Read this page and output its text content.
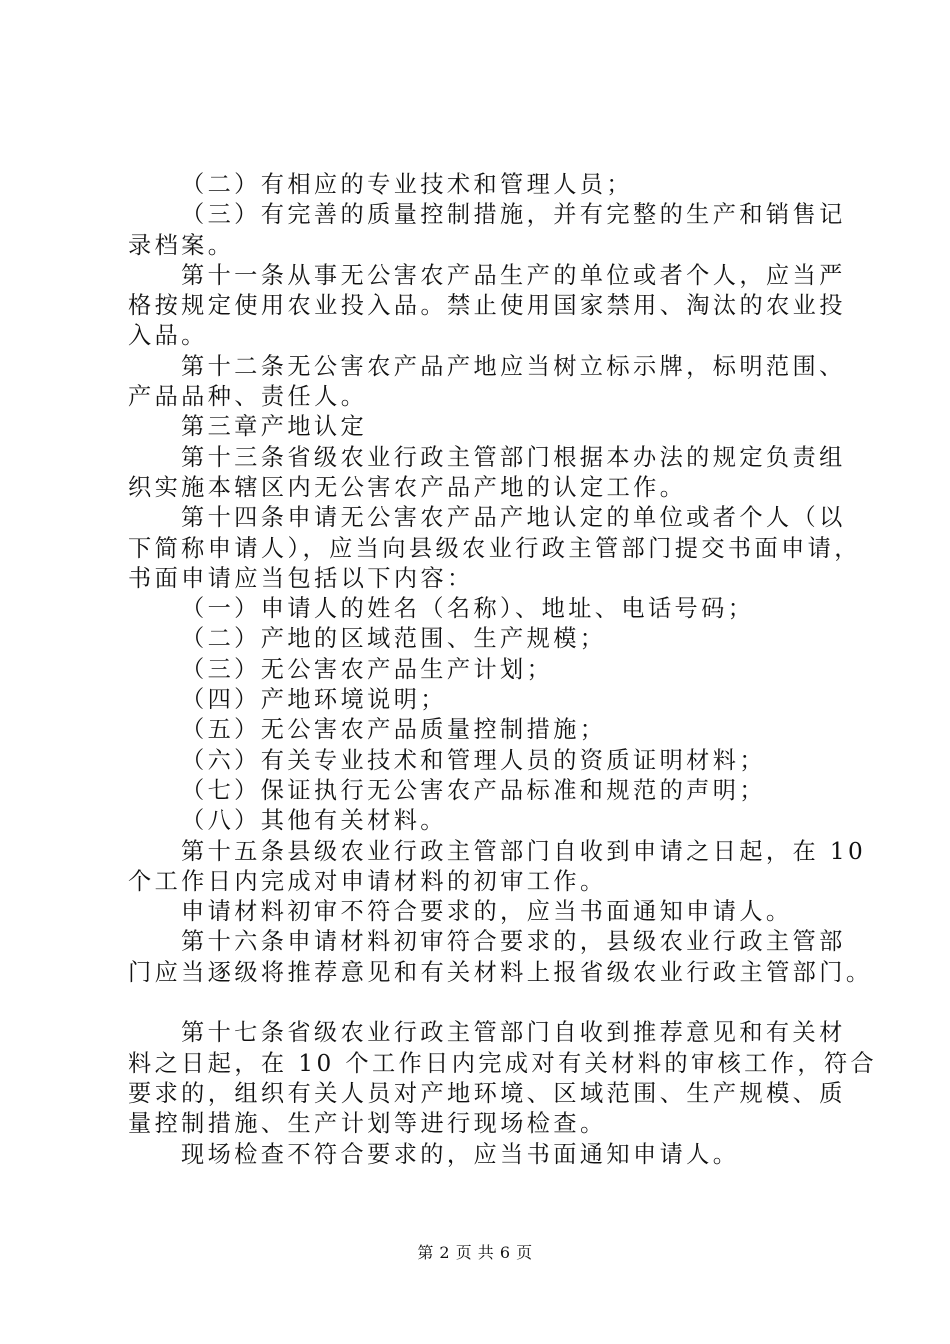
（二）有相应的专业技术和管理人员；
（三）有完善的质量控制措施，并有完整的生产和销售记
录档案。
第十一条从事无公害农产品生产的单位或者个人，应当严
格按规定使用农业投入品。禁止使用国家禁用、淘汰的农业投
入品。
第十二条无公害农产品产地应当树立标示牌，标明范围、
产品品种、责任人。
第三章产地认定
第十三条省级农业行政主管部门根据本办法的规定负责组
织实施本辖区内无公害农产品产地的认定工作。
第十四条申请无公害农产品产地认定的单位或者个人（以
下简称申请人），应当向县级农业行政主管部门提交书面申请，
书面申请应当包括以下内容：
（一）申请人的姓名（名称）、地址、电话号码；
（二）产地的区域范围、生产规模；
（三）无公害农产品生产计划；
（四）产地环境说明；
（五）无公害农产品质量控制措施；
（六）有关专业技术和管理人员的资质证明材料；
（七）保证执行无公害农产品标准和规范的声明；
（八）其他有关材料。
第十五条县级农业行政主管部门自收到申请之日起，在 10
个工作日内完成对申请材料的初审工作。
申请材料初审不符合要求的，应当书面通知申请人。
第十六条申请材料初审符合要求的，县级农业行政主管部
门应当逐级将推荐意见和有关材料上报省级农业行政主管部门。
第十七条省级农业行政主管部门自收到推荐意见和有关材
料之日起，在 10 个工作日内完成对有关材料的审核工作，符合
要求的，组织有关人员对产地环境、区域范围、生产规模、质
量控制措施、生产计划等进行现场检查。
现场检查不符合要求的，应当书面通知申请人。
第 2 页 共 6 页
